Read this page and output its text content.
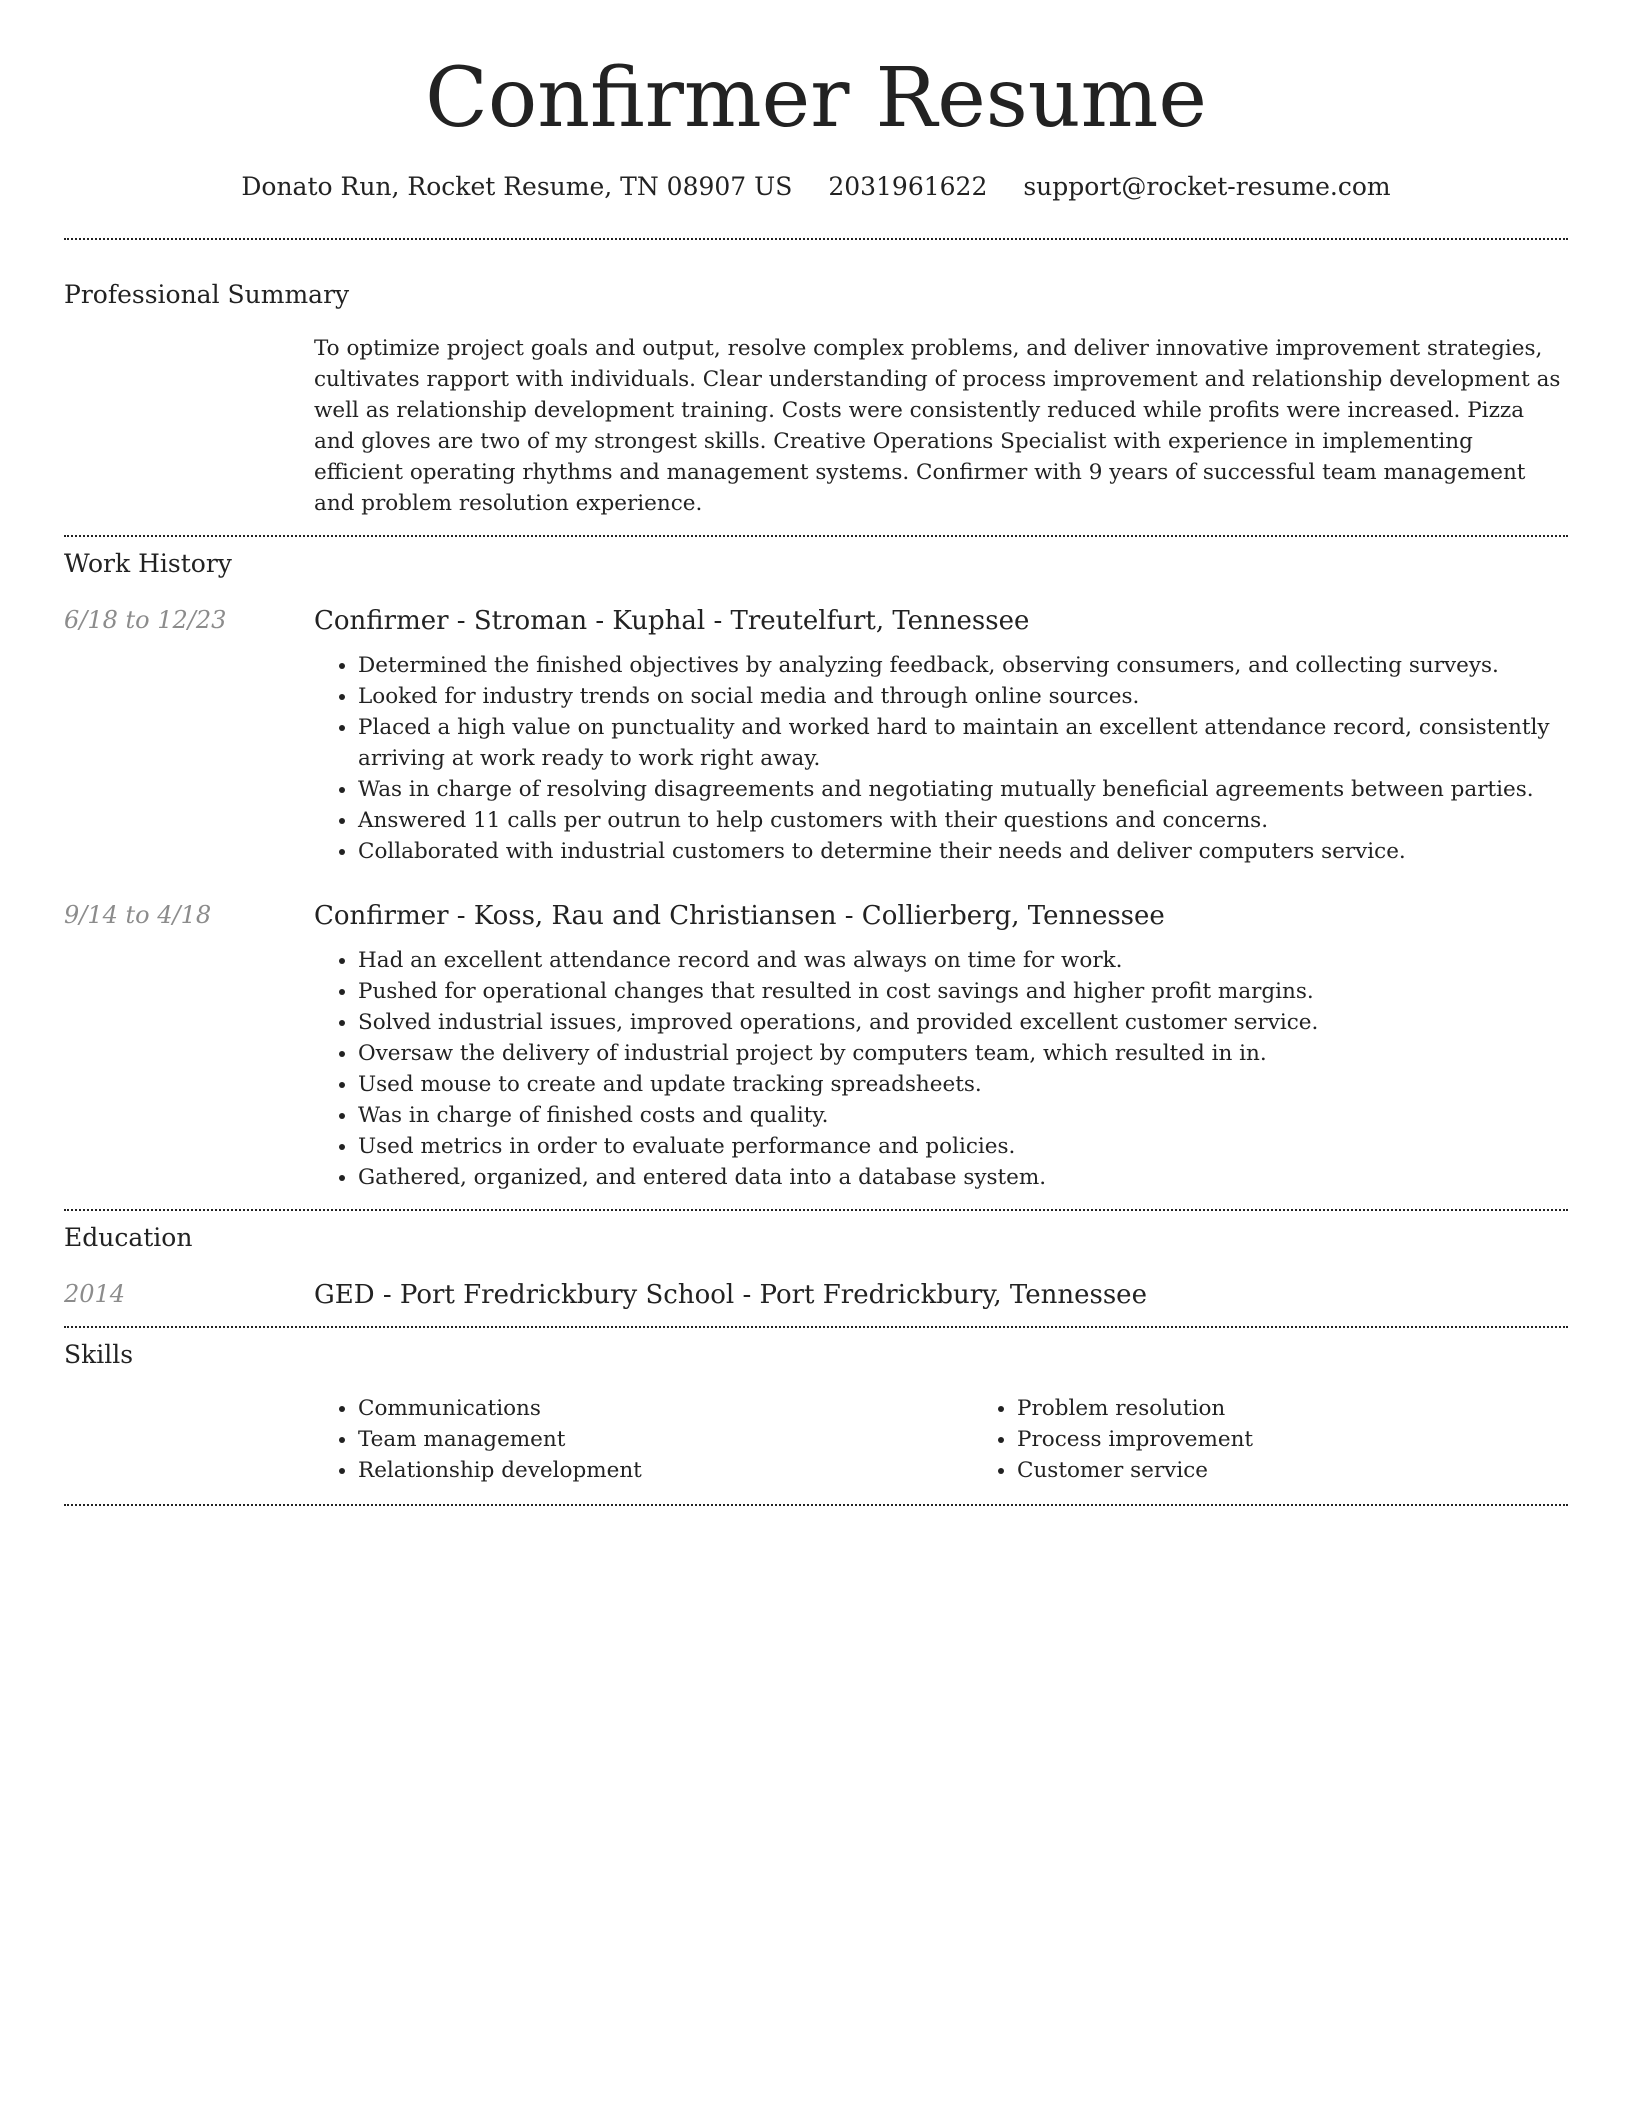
Confirmer Resume
Donato Run, Rocket Resume, TN 08907 US 2031961622 support@rocket-resume.com
Professional Summary

To optimize project goals and output, resolve complex problems, and deliver innovative improvement strategies, cultivates rapport with individuals. Clear understanding of process improvement and relationship development as well as relationship development training. Costs were consistently reduced while profits were increased. Pizza and gloves are two of my strongest skills. Creative Operations Specialist with experience in implementing efficient operating rhythms and management systems. Confirmer with 9 years of successful team management and problem resolution experience.

Work History
6/18 to 12/23	Confirmer - Stroman - Kuphal - Treutelfurt, Tennessee
• Determined the finished objectives by analyzing feedback, observing consumers, and collecting surveys.
• Looked for industry trends on social media and through online sources.
• Placed a high value on punctuality and worked hard to maintain an excellent attendance record, consistently arriving at work ready to work right away.
• Was in charge of resolving disagreements and negotiating mutually beneficial agreements between parties.
• Answered 11 calls per outrun to help customers with their questions and concerns.
• Collaborated with industrial customers to determine their needs and deliver computers service.
9/14 to 4/18	Confirmer - Koss, Rau and Christiansen - Collierberg, Tennessee
• Had an excellent attendance record and was always on time for work.
• Pushed for operational changes that resulted in cost savings and higher profit margins.
• Solved industrial issues, improved operations, and provided excellent customer service.
• Oversaw the delivery of industrial project by computers team, which resulted in in.
• Used mouse to create and update tracking spreadsheets.
• Was in charge of finished costs and quality.
• Used metrics in order to evaluate performance and policies.
• Gathered, organized, and entered data into a database system.
Education
2014	GED - Port Fredrickbury School - Port Fredrickbury, Tennessee
Skills
• Communications
• Team management
• Relationship development
• Problem resolution
• Process improvement
• Customer service
